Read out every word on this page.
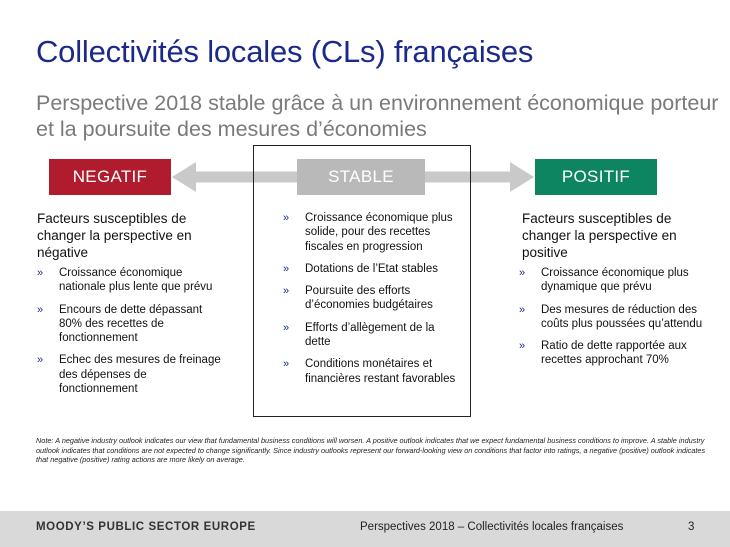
Collectivités locales (CLs) françaises
Perspective 2018 stable grâce à un environnement économique porteur et la poursuite des mesures d’économies
NEGATIF	STABLE	POSITIF
Facteurs susceptibles de changer la perspective en négative
» Croissance économique nationale plus lente que prévu
» Encours de dette dépassant 80% des recettes de fonctionnement
» Echec des mesures de freinage des dépenses de fonctionnement
» Croissance économique plus solide, pour des recettes fiscales en progression
» Dotations de l’Etat stables
» Poursuite des efforts d’économies budgétaires
» Efforts d’allègement de la dette
» Conditions monétaires et financières restant favorables
Facteurs susceptibles de changer la perspective en positive
» Croissance économique plus dynamique que prévu
» Des mesures de réduction des coûts plus poussées qu’attendu
» Ratio de dette rapportée aux recettes approchant 70%
Note: A negative industry outlook indicates our view that fundamental business conditions will worsen. A positive outlook indicates that we expect fundamental business conditions to improve. A stable industry outlook indicates that conditions are not expected to change significantly. Since industry outlooks represent our forward-looking view on conditions that factor into ratings, a negative (positive) outlook indicates that negative (positive) rating actions are more likely on average.
MOODY’S PUBLIC SECTOR EUROPE	Perspectives 2018 – Collectivités locales françaises	3
